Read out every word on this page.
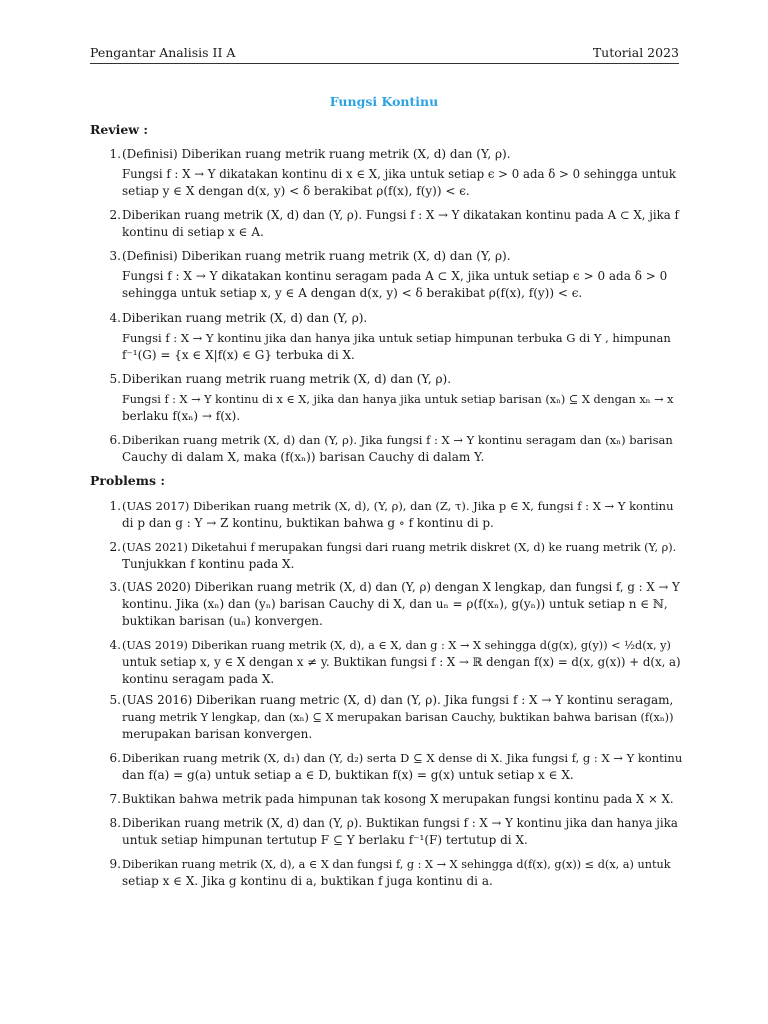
Pengantar Analisis II A	Tutorial 2023
Fungsi Kontinu
Review :
1. (Definisi) Diberikan ruang metrik ruang metrik (X, d) dan (Y, ρ).
Fungsi f : X → Y dikatakan kontinu di x ∈ X, jika untuk setiap ϵ > 0 ada δ > 0 sehingga untuk
setiap y ∈ X dengan d(x, y) < δ berakibat ρ(f(x), f(y)) < ϵ.
2. Diberikan ruang metrik (X, d) dan (Y, ρ). Fungsi f : X → Y dikatakan kontinu pada A ⊂ X, jika f
kontinu di setiap x ∈ A.
3. (Definisi) Diberikan ruang metrik ruang metrik (X, d) dan (Y, ρ).
Fungsi f : X → Y dikatakan kontinu seragam pada A ⊂ X, jika untuk setiap ϵ > 0 ada δ > 0
sehingga untuk setiap x, y ∈ A dengan d(x, y) < δ berakibat ρ(f(x), f(y)) < ϵ.
4. Diberikan ruang metrik (X, d) dan (Y, ρ).
Fungsi f : X → Y kontinu jika dan hanya jika untuk setiap himpunan terbuka G di Y , himpunan
f⁻¹(G) = {x ∈ X|f(x) ∈ G} terbuka di X.
5. Diberikan ruang metrik ruang metrik (X, d) dan (Y, ρ).
Fungsi f : X → Y kontinu di x ∈ X, jika dan hanya jika untuk setiap barisan (xₙ) ⊆ X dengan xₙ → x
berlaku f(xₙ) → f(x).
6. Diberikan ruang metrik (X, d) dan (Y, ρ). Jika fungsi f : X → Y kontinu seragam dan (xₙ) barisan
Cauchy di dalam X, maka (f(xₙ)) barisan Cauchy di dalam Y.
Problems :
1. (UAS 2017) Diberikan ruang metrik (X, d), (Y, ρ), dan (Z, τ). Jika p ∈ X, fungsi f : X → Y kontinu
di p dan g : Y → Z kontinu, buktikan bahwa g ∘ f kontinu di p.
2. (UAS 2021) Diketahui f merupakan fungsi dari ruang metrik diskret (X, d) ke ruang metrik (Y, ρ).
Tunjukkan f kontinu pada X.
3. (UAS 2020) Diberikan ruang metrik (X, d) dan (Y, ρ) dengan X lengkap, dan fungsi f, g : X → Y
kontinu. Jika (xₙ) dan (yₙ) barisan Cauchy di X, dan uₙ = ρ(f(xₙ), g(yₙ)) untuk setiap n ∈ ℕ,
buktikan barisan (uₙ) konvergen.
4. (UAS 2019) Diberikan ruang metrik (X, d), a ∈ X, dan g : X → X sehingga d(g(x), g(y)) < ½d(x, y)
untuk setiap x, y ∈ X dengan x ≠ y. Buktikan fungsi f : X → ℝ dengan f(x) = d(x, g(x)) + d(x, a)
kontinu seragam pada X.
5. (UAS 2016) Diberikan ruang metric (X, d) dan (Y, ρ). Jika fungsi f : X → Y kontinu seragam,
ruang metrik Y lengkap, dan (xₙ) ⊆ X merupakan barisan Cauchy, buktikan bahwa barisan (f(xₙ))
merupakan barisan konvergen.
6. Diberikan ruang metrik (X, d₁) dan (Y, d₂) serta D ⊆ X dense di X. Jika fungsi f, g : X → Y kontinu
dan f(a) = g(a) untuk setiap a ∈ D, buktikan f(x) = g(x) untuk setiap x ∈ X.
7. Buktikan bahwa metrik pada himpunan tak kosong X merupakan fungsi kontinu pada X × X.
8. Diberikan ruang metrik (X, d) dan (Y, ρ). Buktikan fungsi f : X → Y kontinu jika dan hanya jika
untuk setiap himpunan tertutup F ⊆ Y berlaku f⁻¹(F) tertutup di X.
9. Diberikan ruang metrik (X, d), a ∈ X dan fungsi f, g : X → X sehingga d(f(x), g(x)) ≤ d(x, a) untuk
setiap x ∈ X. Jika g kontinu di a, buktikan f juga kontinu di a.
